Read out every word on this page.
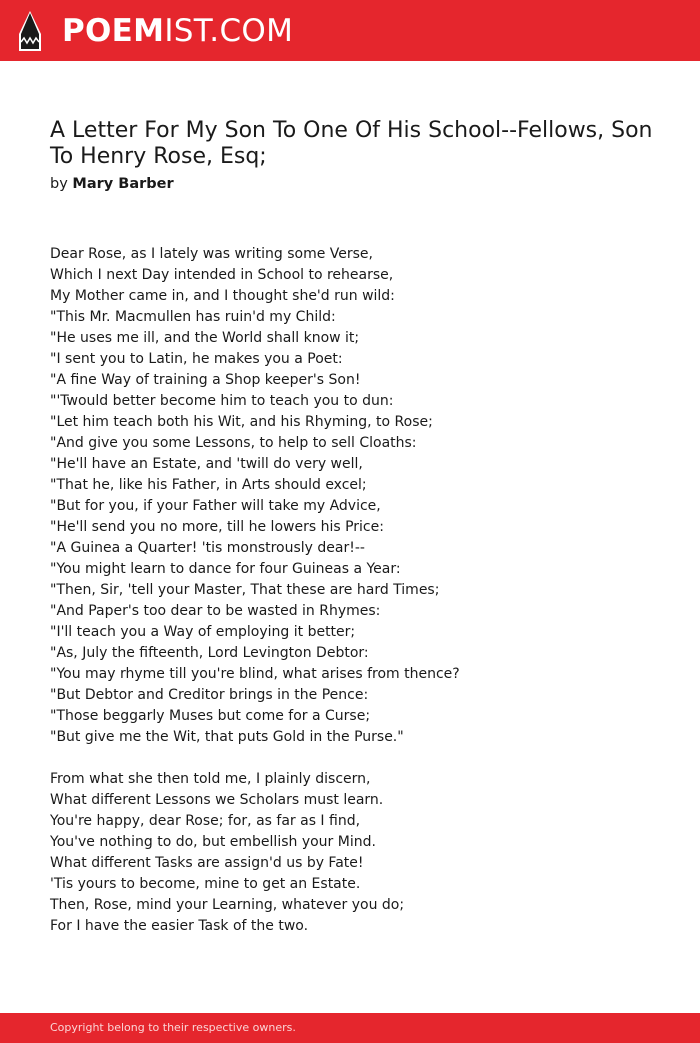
POEMIST.COM
A Letter For My Son To One Of His School--Fellows, Son To Henry Rose, Esq;
by Mary Barber
Dear Rose, as I lately was writing some Verse,
Which I next Day intended in School to rehearse,
My Mother came in, and I thought she'd run wild:
"This Mr. Macmullen has ruin'd my Child:
"He uses me ill, and the World shall know it;
"I sent you to Latin, he makes you a Poet:
"A fine Way of training a Shop keeper's Son!
"'Twould better become him to teach you to dun:
"Let him teach both his Wit, and his Rhyming, to Rose;
"And give you some Lessons, to help to sell Cloaths:
"He'll have an Estate, and 'twill do very well,
"That he, like his Father, in Arts should excel;
"But for you, if your Father will take my Advice,
"He'll send you no more, till he lowers his Price:
"A Guinea a Quarter! 'tis monstrously dear!--
"You might learn to dance for four Guineas a Year:
"Then, Sir, 'tell your Master, That these are hard Times;
"And Paper's too dear to be wasted in Rhymes:
"I'll teach you a Way of employing it better;
"As, July the fifteenth, Lord Levington Debtor:
"You may rhyme till you're blind, what arises from thence?
"But Debtor and Creditor brings in the Pence:
"Those beggarly Muses but come for a Curse;
"But give me the Wit, that puts Gold in the Purse."
From what she then told me, I plainly discern,
What different Lessons we Scholars must learn.
You're happy, dear Rose; for, as far as I find,
You've nothing to do, but embellish your Mind.
What different Tasks are assign'd us by Fate!
'Tis yours to become, mine to get an Estate.
Then, Rose, mind your Learning, whatever you do;
For I have the easier Task of the two.
Copyright belong to their respective owners.
